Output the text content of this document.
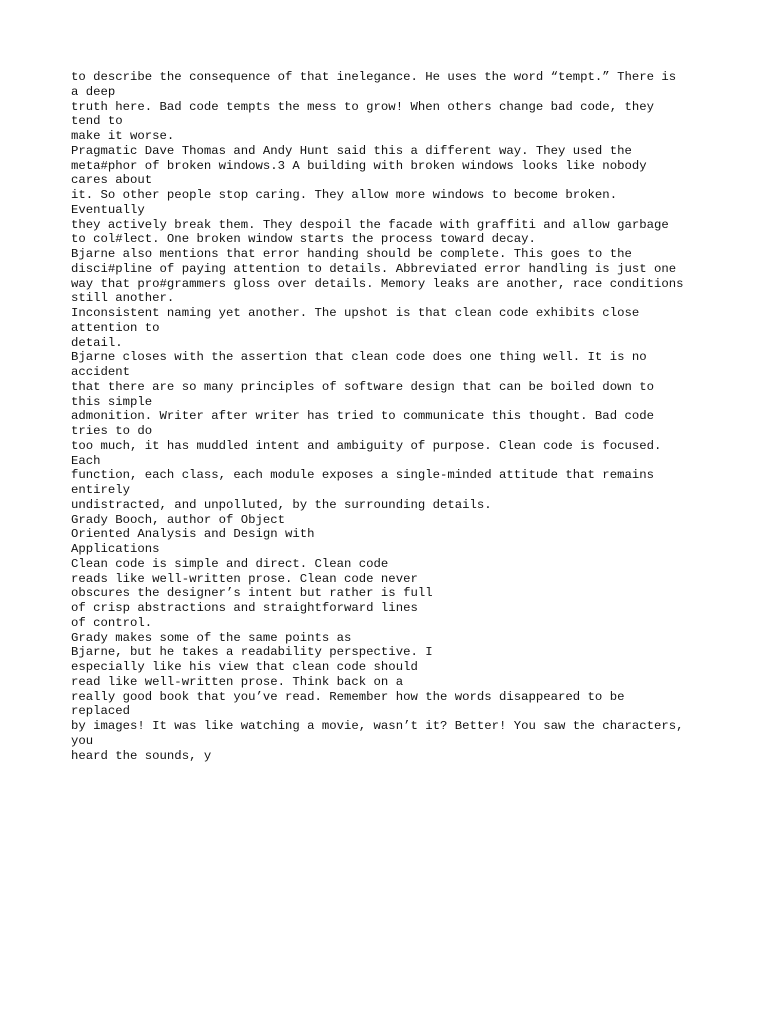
to describe the consequence of that inelegance. He uses the word “tempt.” There is
a deep
truth here. Bad code tempts the mess to grow! When others change bad code, they
tend to
make it worse.
Pragmatic Dave Thomas and Andy Hunt said this a different way. They used the
meta#phor of broken windows.3 A building with broken windows looks like nobody
cares about
it. So other people stop caring. They allow more windows to become broken.
Eventually
they actively break them. They despoil the facade with graffiti and allow garbage
to col#lect. One broken window starts the process toward decay.
Bjarne also mentions that error handing should be complete. This goes to the
disci#pline of paying attention to details. Abbreviated error handling is just one
way that pro#grammers gloss over details. Memory leaks are another, race conditions
still another.
Inconsistent naming yet another. The upshot is that clean code exhibits close
attention to
detail.
Bjarne closes with the assertion that clean code does one thing well. It is no
accident
that there are so many principles of software design that can be boiled down to
this simple
admonition. Writer after writer has tried to communicate this thought. Bad code
tries to do
too much, it has muddled intent and ambiguity of purpose. Clean code is focused.
Each
function, each class, each module exposes a single-minded attitude that remains
entirely
undistracted, and unpolluted, by the surrounding details.
Grady Booch, author of Object
Oriented Analysis and Design with
Applications
Clean code is simple and direct. Clean code
reads like well-written prose. Clean code never
obscures the designer’s intent but rather is full
of crisp abstractions and straightforward lines
of control.
Grady makes some of the same points as
Bjarne, but he takes a readability perspective. I
especially like his view that clean code should
read like well-written prose. Think back on a
really good book that you’ve read. Remember how the words disappeared to be
replaced
by images! It was like watching a movie, wasn’t it? Better! You saw the characters,
you
heard the sounds, y
